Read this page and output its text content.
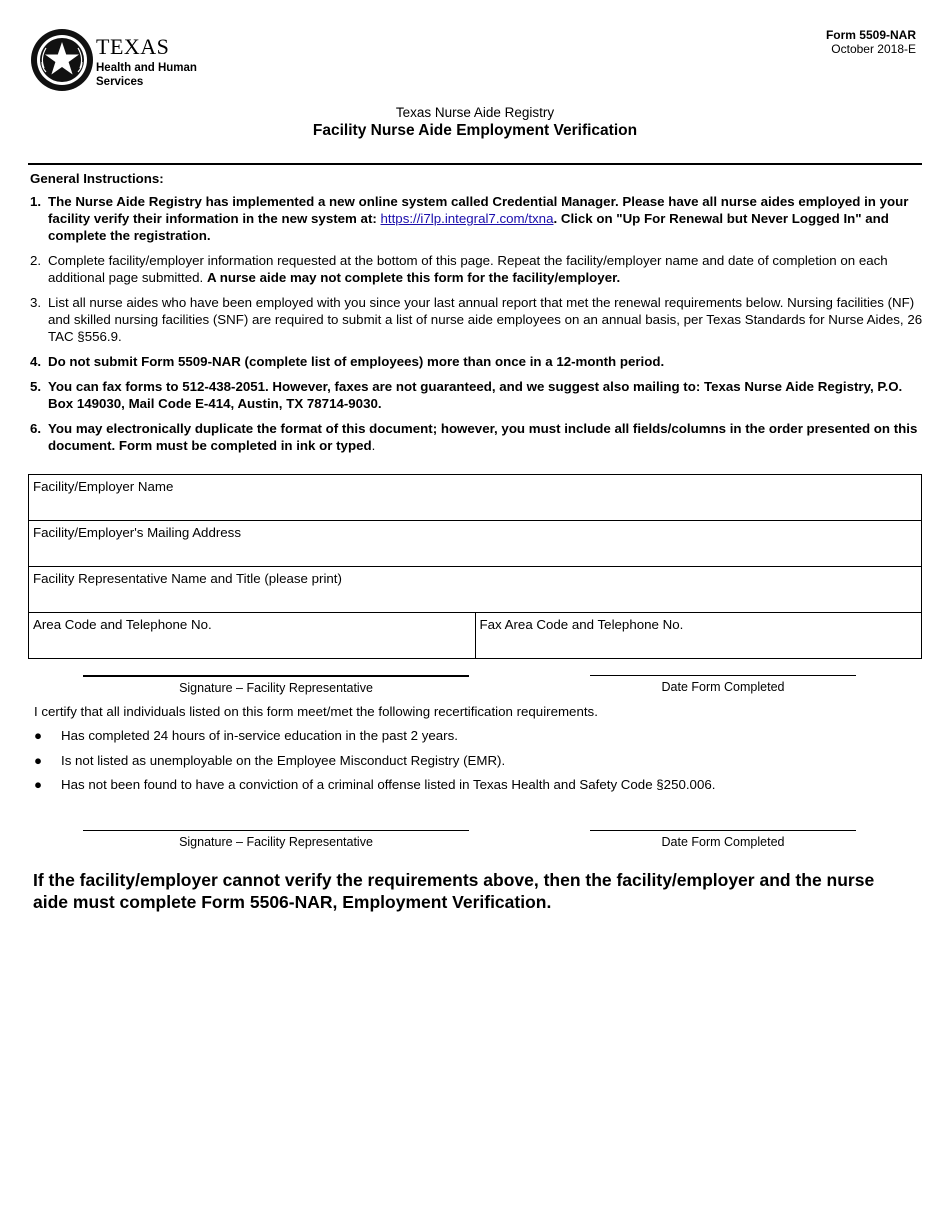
TEXAS
Health and Human
Services
Form 5509-NAR
October 2018-E
Texas Nurse Aide Registry
Facility Nurse Aide Employment Verification
General Instructions:
1. The Nurse Aide Registry has implemented a new online system called Credential Manager. Please have all nurse aides employed in your facility verify their information in the new system at: https://i7lp.integral7.com/txna. Click on "Up For Renewal but Never Logged In" and complete the registration.
2. Complete facility/employer information requested at the bottom of this page. Repeat the facility/employer name and date of completion on each additional page submitted. A nurse aide may not complete this form for the facility/employer.
3. List all nurse aides who have been employed with you since your last annual report that met the renewal requirements below. Nursing facilities (NF) and skilled nursing facilities (SNF) are required to submit a list of nurse aide employees on an annual basis, per Texas Standards for Nurse Aides, 26 TAC §556.9.
4. Do not submit Form 5509-NAR (complete list of employees) more than once in a 12-month period.
5. You can fax forms to 512-438-2051. However, faxes are not guaranteed, and we suggest also mailing to: Texas Nurse Aide Registry, P.O. Box 149030, Mail Code E-414, Austin, TX 78714-9030.
6. You may electronically duplicate the format of this document; however, you must include all fields/columns in the order presented on this document. Form must be completed in ink or typed.
Facility/Employer Name
Facility/Employer's Mailing Address
Facility Representative Name and Title (please print)
Area Code and Telephone No.	Fax Area Code and Telephone No.
Signature – Facility Representative	Date Form Completed
I certify that all individuals listed on this form meet/met the following recertification requirements.
● Has completed 24 hours of in-service education in the past 2 years.
● Is not listed as unemployable on the Employee Misconduct Registry (EMR).
● Has not been found to have a conviction of a criminal offense listed in Texas Health and Safety Code §250.006.
Signature – Facility Representative	Date Form Completed
If the facility/employer cannot verify the requirements above, then the facility/employer and the nurse aide must complete Form 5506-NAR, Employment Verification.
